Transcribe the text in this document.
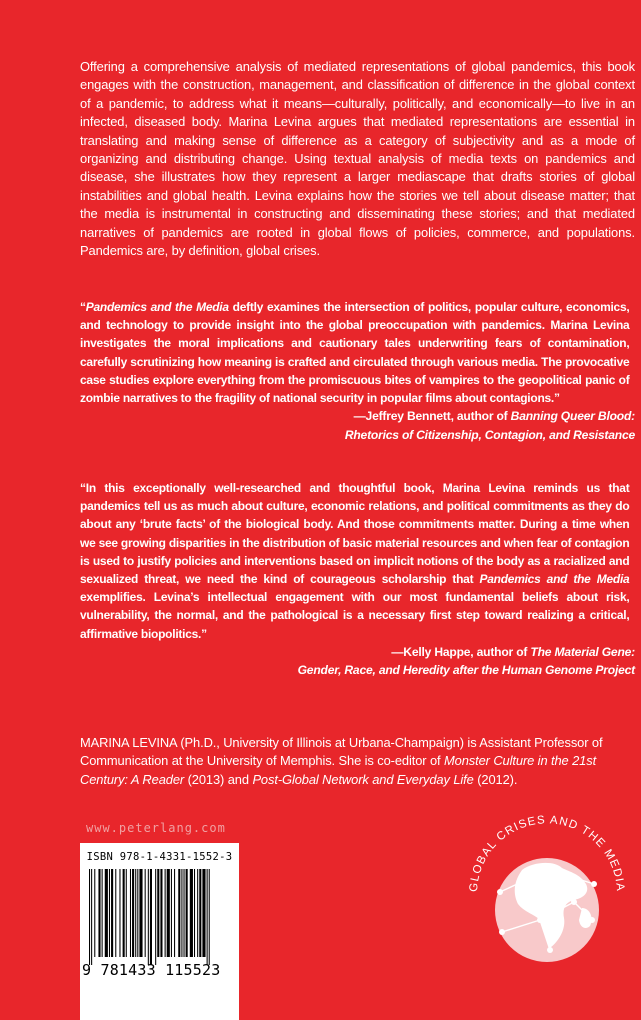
Offering a comprehensive analysis of mediated representations of global pandemics, this book engages with the construction, management, and classification of difference in the global context of a pandemic, to address what it means—culturally, politically, and economically—to live in an infected, diseased body. Marina Levina argues that mediated representations are essential in translating and making sense of difference as a category of subjectivity and as a mode of organizing and distributing change. Using textual analysis of media texts on pandemics and disease, she illustrates how they represent a larger mediascape that drafts stories of global instabilities and global health. Levina explains how the stories we tell about disease matter; that the media is instrumental in constructing and disseminating these stories; and that mediated narratives of pandemics are rooted in global flows of policies, commerce, and populations. Pandemics are, by definition, global crises.
“Pandemics and the Media deftly examines the intersection of politics, popular culture, economics, and technology to provide insight into the global preoccupation with pandemics. Marina Levina investigates the moral implications and cautionary tales underwriting fears of contamination, carefully scrutinizing how meaning is crafted and circulated through various media. The provocative case studies explore everything from the promiscuous bites of vampires to the geopolitical panic of zombie narratives to the fragility of national security in popular films about contagions.”
—Jeffrey Bennett, author of Banning Queer Blood:
Rhetorics of Citizenship, Contagion, and Resistance
“In this exceptionally well-researched and thoughtful book, Marina Levina reminds us that pandemics tell us as much about culture, economic relations, and political commitments as they do about any ‘brute facts’ of the biological body. And those commitments matter. During a time when we see growing disparities in the distribution of basic material resources and when fear of contagion is used to justify policies and interventions based on implicit notions of the body as a racialized and sexualized threat, we need the kind of courageous scholarship that Pandemics and the Media exemplifies. Levina’s intellectual engagement with our most fundamental beliefs about risk, vulnerability, the normal, and the pathological is a necessary first step toward realizing a critical, affirmative biopolitics.”
—Kelly Happe, author of The Material Gene:
Gender, Race, and Heredity after the Human Genome Project
MARINA LEVINA (Ph.D., University of Illinois at Urbana-Champaign) is Assistant Professor of Communication at the University of Memphis. She is co-editor of Monster Culture in the 21st Century: A Reader (2013) and Post-Global Network and Everyday Life (2012).
www.peterlang.com
ISBN 978-1-4331-1552-3
9 781433 115523
GLOBAL CRISES AND THE MEDIA
